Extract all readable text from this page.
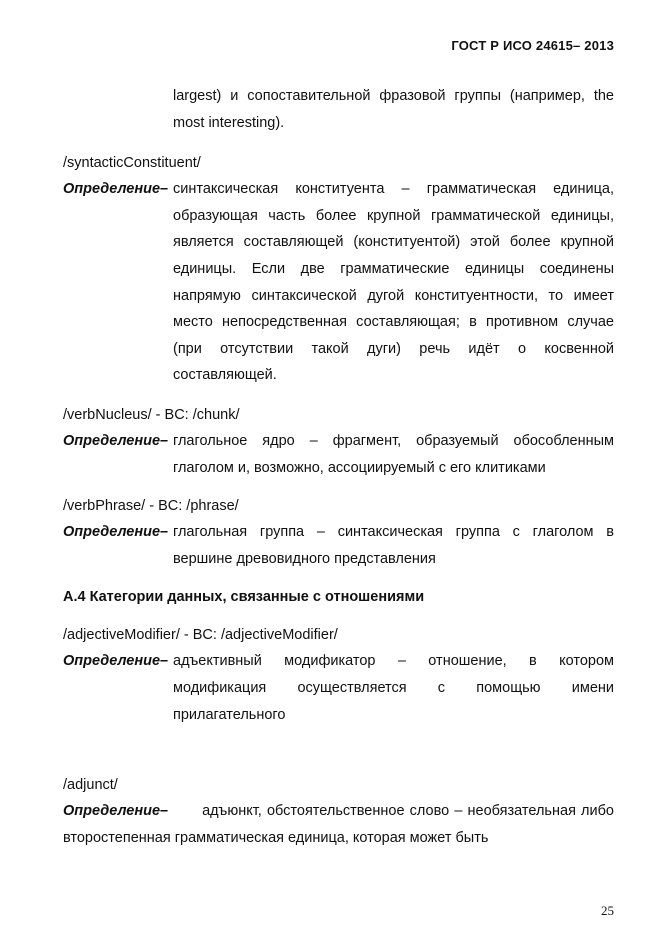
ГОСТ Р ИСО 24615– 2013

largest) и сопоставительной фразовой группы (например, the most interesting).

/syntacticConstituent/

Определение– синтаксическая конституента – грамматическая единица, образующая часть более крупной грамматической единицы, является составляющей (конституентой) этой более крупной единицы. Если две грамматические единицы соединены напрямую синтаксической дугой конституентности, то имеет место непосредственная составляющая; в противном случае (при отсутствии такой дуги) речь идёт о косвенной составляющей.

/verbNucleus/ - BC: /chunk/

Определение– глагольное ядро – фрагмент, образуемый обособленным глаголом и, возможно, ассоциируемый с его клитиками

/verbPhrase/ - BC: /phrase/

Определение– глагольная группа – синтаксическая группа с глаголом в вершине древовидного представления

А.4 Категории данных, связанные с отношениями

/adjectiveModifier/ - BC: /adjectiveModifier/

Определение– адъективный модификатор – отношение, в котором модификация осуществляется с помощью имени прилагательного

/adjunct/

Определение– адъюнкт, обстоятельственное слово – необязательная либо второстепенная грамматическая единица, которая может быть

25
